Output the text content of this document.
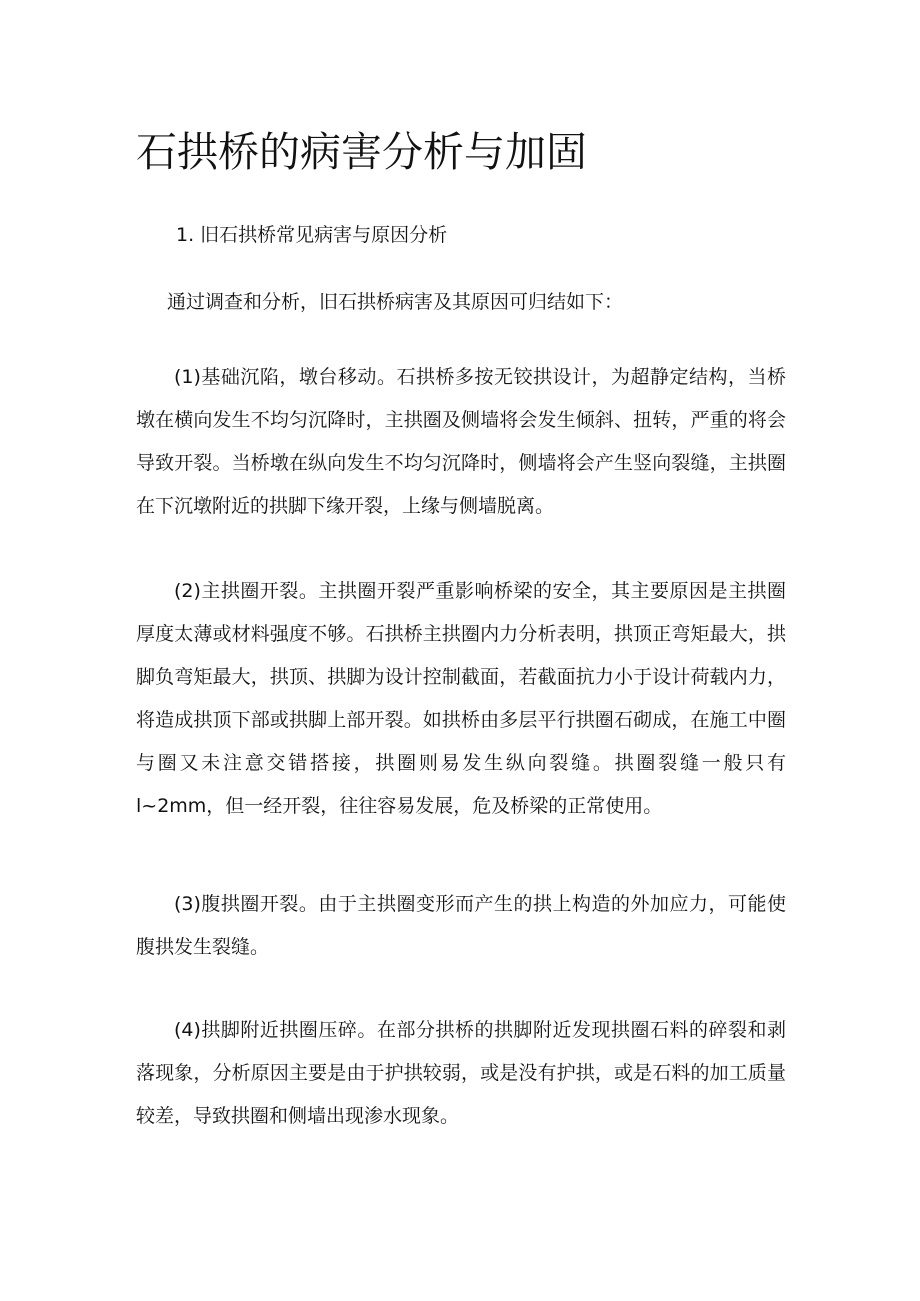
石拱桥的病害分析与加固
1. 旧石拱桥常见病害与原因分析

通过调查和分析，旧石拱桥病害及其原因可归结如下：

(1)基础沉陷，墩台移动。石拱桥多按无铰拱设计，为超静定结构，当桥墩在横向发生不均匀沉降时，主拱圈及侧墙将会发生倾斜、扭转，严重的将会导致开裂。当桥墩在纵向发生不均匀沉降时，侧墙将会产生竖向裂缝，主拱圈在下沉墩附近的拱脚下缘开裂，上缘与侧墙脱离。

(2)主拱圈开裂。主拱圈开裂严重影响桥梁的安全，其主要原因是主拱圈厚度太薄或材料强度不够。石拱桥主拱圈内力分析表明，拱顶正弯矩最大，拱脚负弯矩最大，拱顶、拱脚为设计控制截面，若截面抗力小于设计荷载内力，将造成拱顶下部或拱脚上部开裂。如拱桥由多层平行拱圈石砌成，在施工中圈与圈又未注意交错搭接，拱圈则易发生纵向裂缝。拱圈裂缝一般只有 l~2mm，但一经开裂，往往容易发展，危及桥梁的正常使用。

(3)腹拱圈开裂。由于主拱圈变形而产生的拱上构造的外加应力，可能使腹拱发生裂缝。

(4)拱脚附近拱圈压碎。在部分拱桥的拱脚附近发现拱圈石料的碎裂和剥落现象，分析原因主要是由于护拱较弱，或是没有护拱，或是石料的加工质量较差，导致拱圈和侧墙出现渗水现象。
